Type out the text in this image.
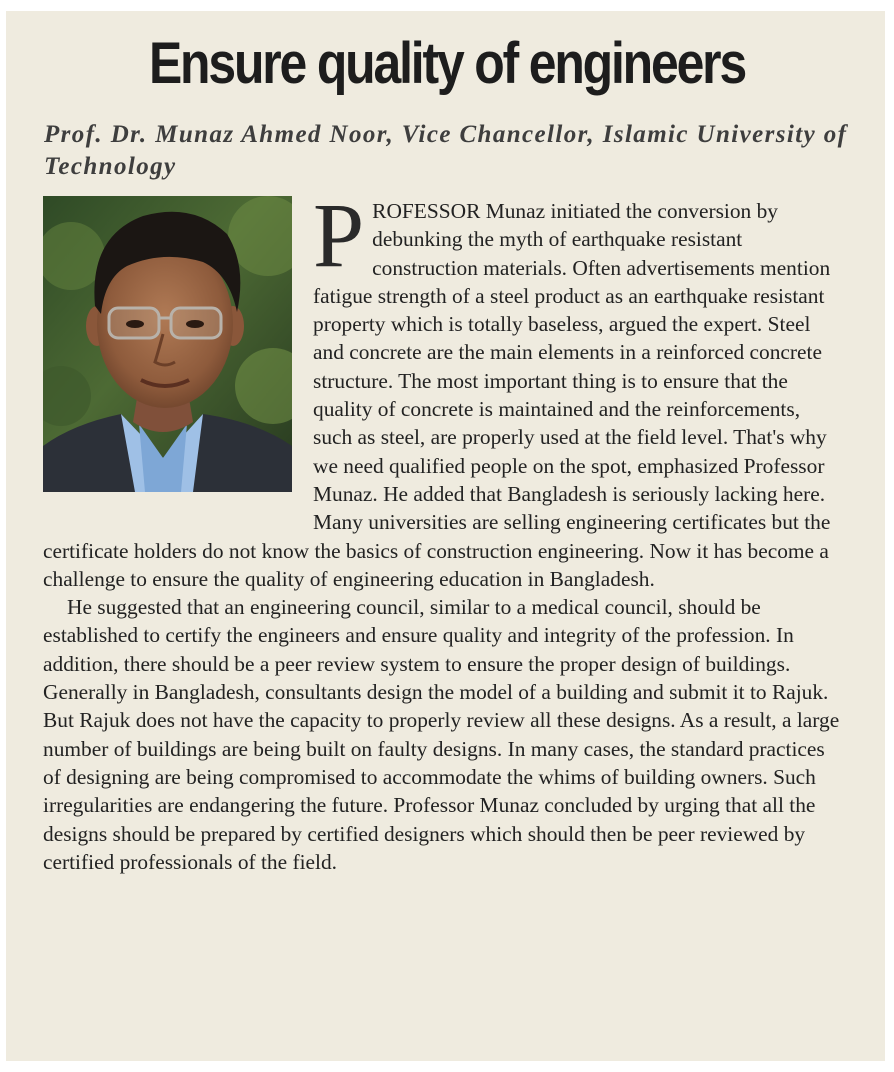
Ensure quality of engineers
Prof. Dr. Munaz Ahmed Noor, Vice Chancellor, Islamic University of Technology

PROFESSOR Munaz initiated the conversion by debunking the myth of earthquake resistant construction materials. Often advertisements mention fatigue strength of a steel product as an earthquake resistant property which is totally baseless, argued the expert. Steel and concrete are the main elements in a reinforced concrete structure. The most important thing is to ensure that the quality of concrete is maintained and the reinforcements, such as steel, are properly used at the field level. That's why we need qualified people on the spot, emphasized Professor Munaz. He added that Bangladesh is seriously lacking here. Many universities are selling engineering certificates but the certificate holders do not know the basics of construction engineering. Now it has become a challenge to ensure the quality of engineering education in Bangladesh.

He suggested that an engineering council, similar to a medical council, should be established to certify the engineers and ensure quality and integrity of the profession. In addition, there should be a peer review system to ensure the proper design of buildings. Generally in Bangladesh, consultants design the model of a building and submit it to Rajuk. But Rajuk does not have the capacity to properly review all these designs. As a result, a large number of buildings are being built on faulty designs. In many cases, the standard practices of designing are being compromised to accommodate the whims of building owners. Such irregularities are endangering the future. Professor Munaz concluded by urging that all the designs should be prepared by certified designers which should then be peer reviewed by certified professionals of the field.
